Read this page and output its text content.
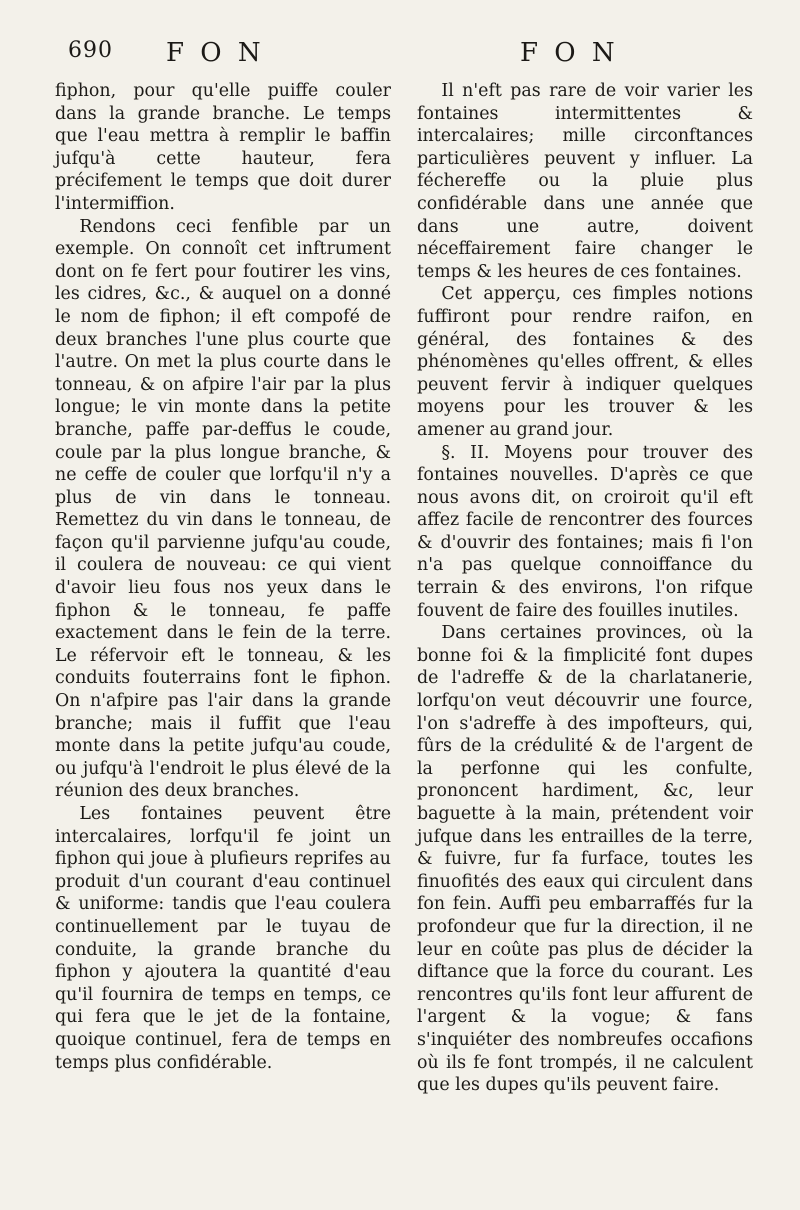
690 F O N	F O N

fiphon, pour qu'elle puiffe couler dans la grande branche. Le temps que l'eau mettra à remplir le baffin jufqu'à cette hauteur, fera précifement le temps que doit durer l'intermiffion.

Rendons ceci fenfible par un exemple. On connoît cet inftrument dont on fe fert pour foutirer les vins, les cidres, &c., & auquel on a donné le nom de fiphon; il eft compofé de deux branches l'une plus courte que l'autre. On met la plus courte dans le tonneau, & on afpire l'air par la plus longue; le vin monte dans la petite branche, paffe par-deffus le coude, coule par la plus longue branche, & ne ceffe de couler que lorfqu'il n'y a plus de vin dans le tonneau. Remettez du vin dans le tonneau, de façon qu'il parvienne jufqu'au coude, il coulera de nouveau: ce qui vient d'avoir lieu fous nos yeux dans le fiphon & le tonneau, fe paffe exactement dans le fein de la terre. Le réfervoir eft le tonneau, & les conduits fouterrains font le fiphon. On n'afpire pas l'air dans la grande branche; mais il fuffit que l'eau monte dans la petite jufqu'au coude, ou jufqu'à l'endroit le plus élevé de la réunion des deux branches.

Les fontaines peuvent être intercalaires, lorfqu'il fe joint un fiphon qui joue à plufieurs reprifes au produit d'un courant d'eau continuel & uniforme: tandis que l'eau coulera continuellement par le tuyau de conduite, la grande branche du fiphon y ajoutera la quantité d'eau qu'il fournira de temps en temps, ce qui fera que le jet de la fontaine, quoique continuel, fera de temps en temps plus confidérable.

Il n'eft pas rare de voir varier les fontaines intermittentes & intercalaires; mille circonftances particulières peuvent y influer. La féchereffe ou la pluie plus confidérable dans une année que dans une autre, doivent néceffairement faire changer le temps & les heures de ces fontaines.

Cet apperçu, ces fimples notions fuffiront pour rendre raifon, en général, des fontaines & des phénomènes qu'elles offrent, & elles peuvent fervir à indiquer quelques moyens pour les trouver & les amener au grand jour.

§. II. Moyens pour trouver des fontaines nouvelles. D'après ce que nous avons dit, on croiroit qu'il eft affez facile de rencontrer des fources & d'ouvrir des fontaines; mais fi l'on n'a pas quelque connoiffance du terrain & des environs, l'on rifque fouvent de faire des fouilles inutiles.

Dans certaines provinces, où la bonne foi & la fimplicité font dupes de l'adreffe & de la charlatanerie, lorfqu'on veut découvrir une fource, l'on s'adreffe à des impofteurs, qui, fûrs de la crédulité & de l'argent de la perfonne qui les confulte, prononcent hardiment, &c, leur baguette à la main, prétendent voir jufque dans les entrailles de la terre, & fuivre, fur fa furface, toutes les finuofités des eaux qui circulent dans fon fein. Auffi peu embarraffés fur la profondeur que fur la direction, il ne leur en coûte pas plus de décider la diftance que la force du courant. Les rencontres qu'ils font leur affurent de l'argent & la vogue; & fans s'inquiéter des nombreufes occafions où ils fe font trompés, il ne calculent que les dupes qu'ils peuvent faire.
